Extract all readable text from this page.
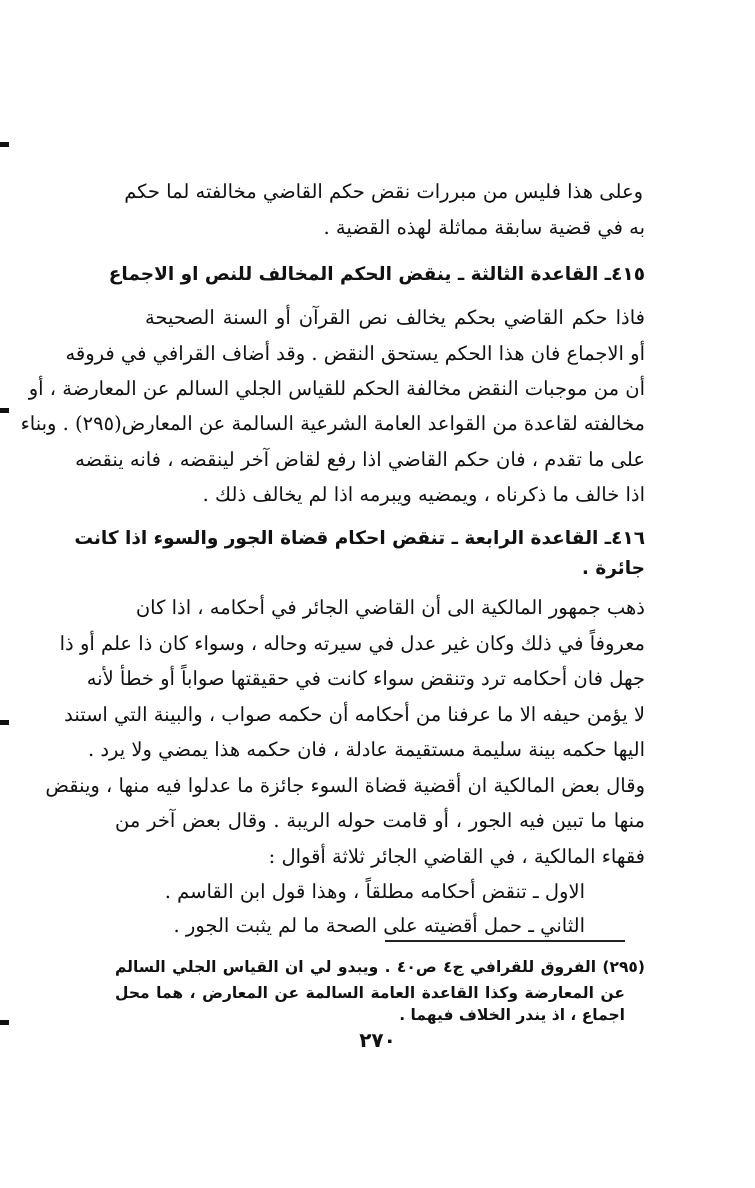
وعلى هذا فليس من مبررات نقض حكم القاضي مخالفته لما حكم
به في قضية سابقة مماثلة لهذه القضية .
٤١٥ـ القاعدة الثالثة ـ ينقض الحكم المخالف للنص او الاجماع
فاذا حكم القاضي بحكم يخالف نص القرآن أو السنة الصحيحة
أو الاجماع فان هذا الحكم يستحق النقض . وقد أضاف القرافي في فروقه
أن من موجبات النقض مخالفة الحكم للقياس الجلي السالم عن المعارضة ، أو
مخالفته لقاعدة من القواعد العامة الشرعية السالمة عن المعارض(٢٩٥) . وبناء
على ما تقدم ، فان حكم القاضي اذا رفع لقاض آخر لينقضه ، فانه ينقضه
اذا خالف ما ذكرناه ، ويمضيه ويبرمه اذا لم يخالف ذلك .
٤١٦ـ القاعدة الرابعة ـ تنقض احكام قضاة الجور والسوء اذا كانت
جائرة .
ذهب جمهور المالكية الى أن القاضي الجائر في أحكامه ، اذا كان
معروفاً في ذلك وكان غير عدل في سيرته وحاله ، وسواء كان ذا علم أو ذا
جهل فان أحكامه ترد وتنقض سواء كانت في حقيقتها صواباً أو خطأ لأنه
لا يؤمن حيفه الا ما عرفنا من أحكامه أن حكمه صواب ، والبينة التي استند
اليها حكمه بينة سليمة مستقيمة عادلة ، فان حكمه هذا يمضي ولا يرد .
وقال بعض المالكية ان أقضية قضاة السوء جائزة ما عدلوا فيه منها ، وينقض
منها ما تبين فيه الجور ، أو قامت حوله الريبة . وقال بعض آخر من
فقهاء المالكية ، في القاضي الجائر ثلاثة أقوال :
الاول ـ تنقض أحكامه مطلقاً ، وهذا قول ابن القاسم .
الثاني ـ حمل أقضيته على الصحة ما لم يثبت الجور .
(٢٩٥) الفروق للقرافي ج٤ ص٤٠ . ويبدو لي ان القياس الجلي السالم
عن المعارضة وكذا القاعدة العامة السالمة عن المعارض ، هما محل
اجماع ، اذ يندر الخلاف فيهما .
٢٧٠
